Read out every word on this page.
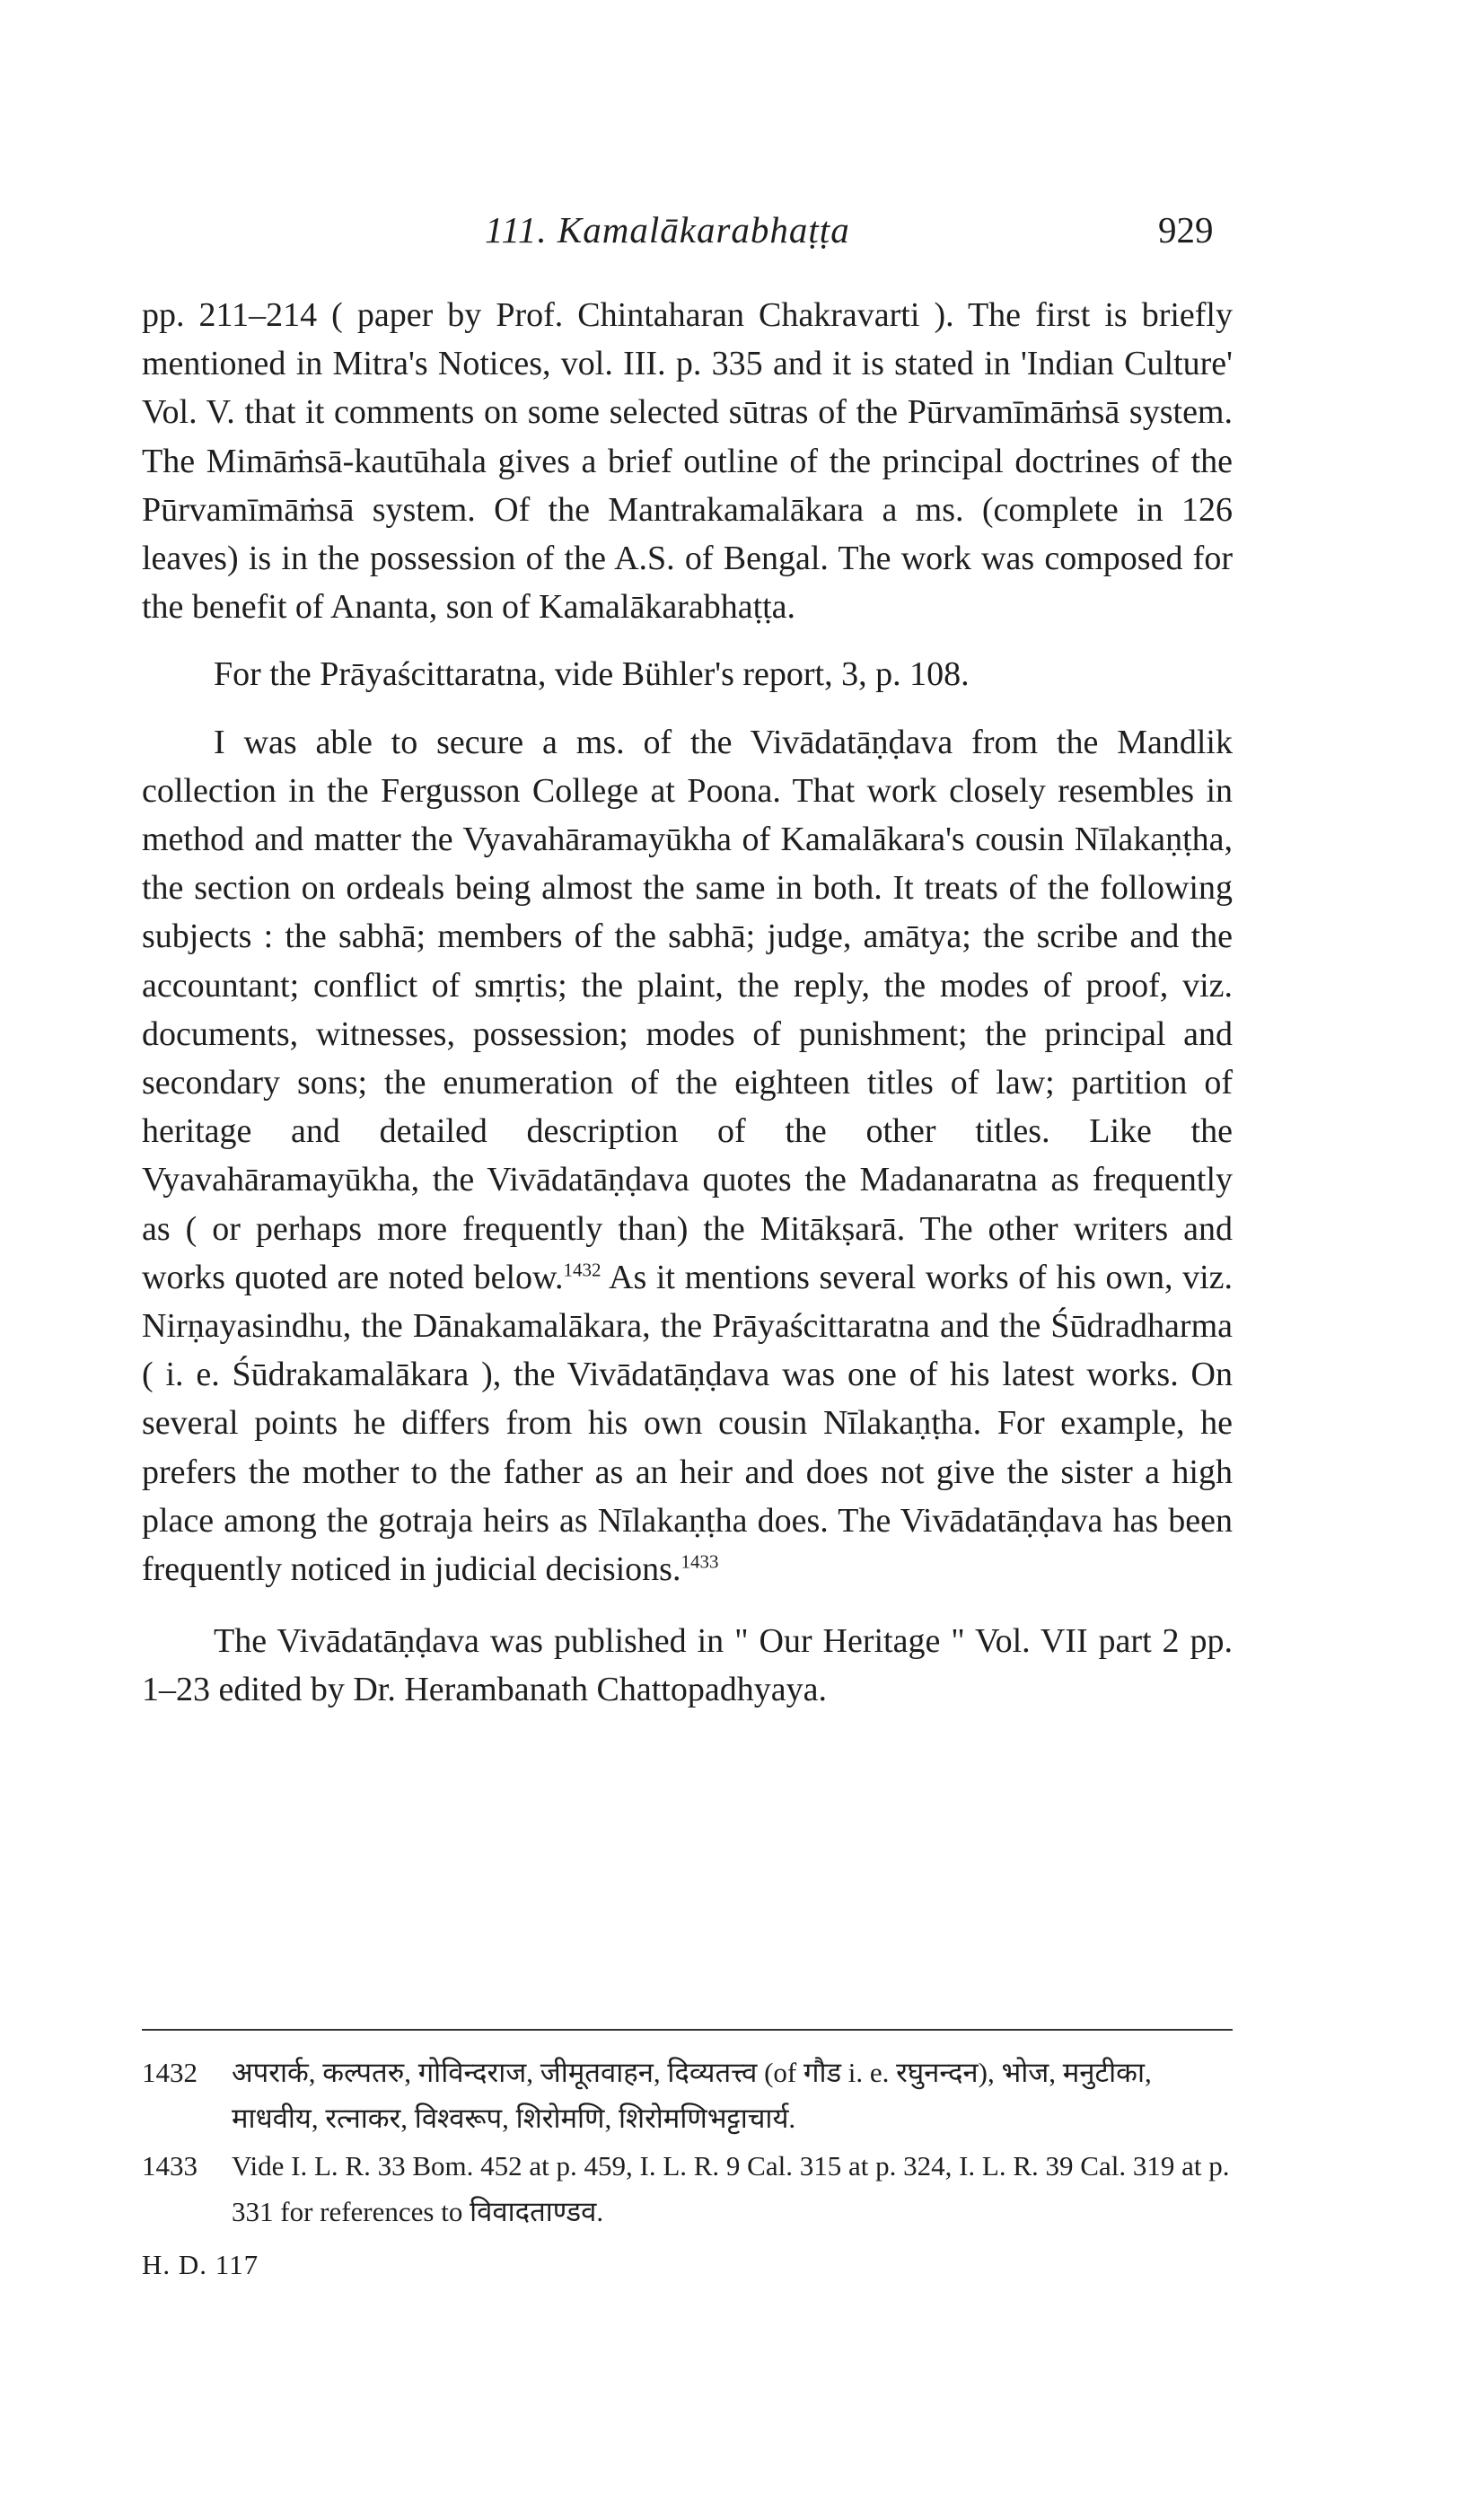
111. Kamalākarabhaṭṭa	929

pp. 211–214 ( paper by Prof. Chintaharan Chakravarti ). The first is briefly mentioned in Mitra's Notices, vol. III. p. 335 and it is stated in 'Indian Culture' Vol. V. that it comments on some selected sūtras of the Pūrvamīmāṁsā system. The Mimāṁsā-kautūhala gives a brief outline of the principal doctrines of the Pūrvamīmāṁsā system. Of the Mantrakamalākara a ms. (complete in 126 leaves) is in the possession of the A.S. of Bengal. The work was composed for the benefit of Ananta, son of Kamalākarabhaṭṭa.

For the Prāyaścittaratna, vide Bühler's report, 3, p. 108.

I was able to secure a ms. of the Vivādatāṇḍava from the Mandlik collection in the Fergusson College at Poona. That work closely resembles in method and matter the Vyavahāramayūkha of Kamalākara's cousin Nīlakaṇṭha, the section on ordeals being almost the same in both. It treats of the following subjects : the sabhā; members of the sabhā; judge, amātya; the scribe and the accountant; conflict of smṛtis; the plaint, the reply, the modes of proof, viz. documents, witnesses, possession; modes of punishment; the principal and secondary sons; the enumeration of the eighteen titles of law; partition of heritage and detailed description of the other titles. Like the Vyavahāramayūkha, the Vivādatāṇḍava quotes the Madanaratna as frequently as ( or perhaps more frequently than) the Mitākṣarā. The other writers and works quoted are noted below.$^{1432}$ As it mentions several works of his own, viz. Nirṇayasindhu, the Dānakamalākara, the Prāyaścittaratna and the Śūdradharma ( i. e. Śūdrakamalākara ), the Vivādatāṇḍava was one of his latest works. On several points he differs from his own cousin Nīlakaṇṭha. For example, he prefers the mother to the father as an heir and does not give the sister a high place among the gotraja heirs as Nīlakaṇṭha does. The Vivādatāṇḍava has been frequently noticed in judicial decisions.$^{1433}$

The Vivādatāṇḍava was published in " Our Heritage " Vol. VII part 2 pp. 1–23 edited by Dr. Herambanath Chattopadhyaya.

1432	अपरार्क, कल्पतरु, गोविन्दराज, जीमूतवाहन, दिव्यतत्त्व (of गौड i. e. रघुनन्दन), भोज, मनुटीका, माधवीय, रत्नाकर, विश्वरूप, शिरोमणि, शिरोमणिभट्टाचार्य.
1433	Vide I. L. R. 33 Bom. 452 at p. 459, I. L. R. 9 Cal. 315 at p. 324, I. L. R. 39 Cal. 319 at p. 331 for references to विवादताण्डव.
H. D. 117
